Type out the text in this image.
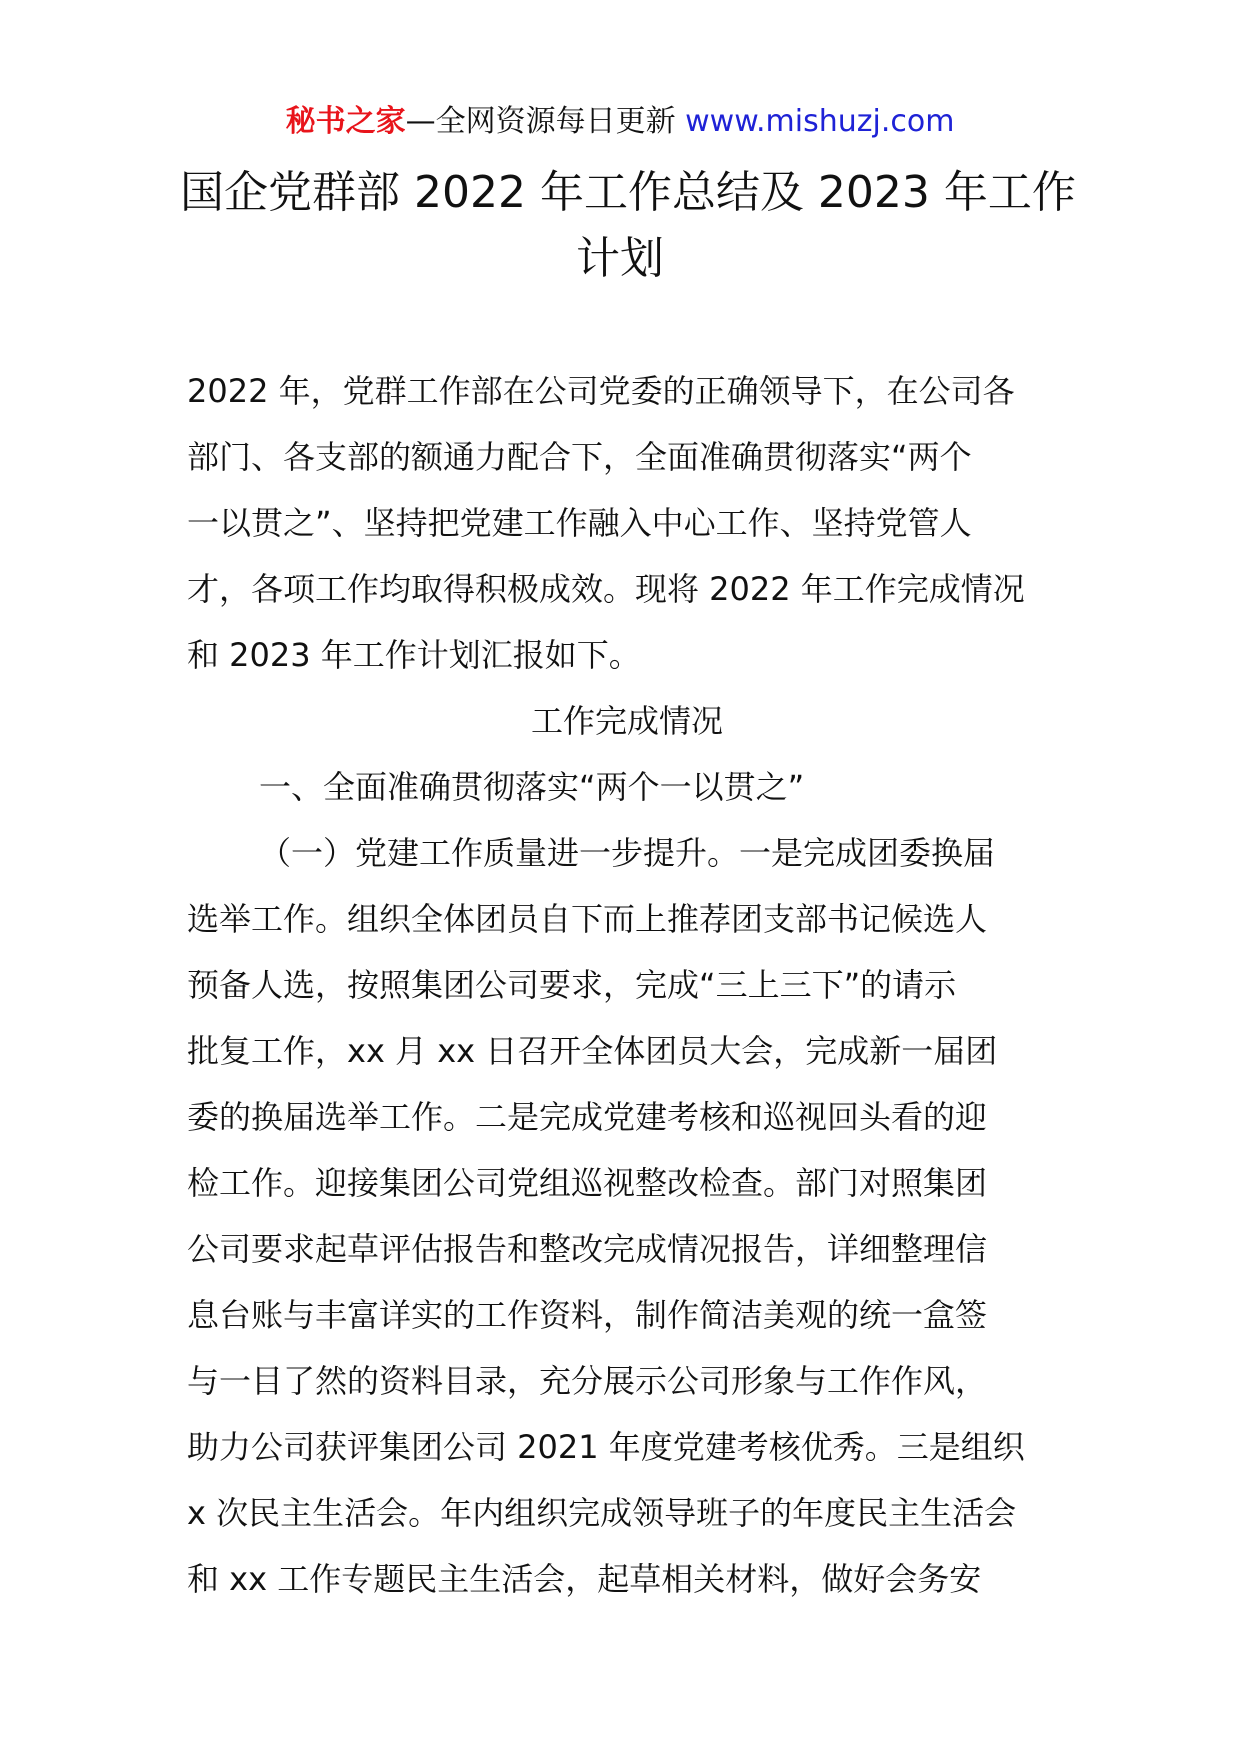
秘书之家—全网资源每日更新 www.mishuzj.com
国企党群部 2022 年工作总结及 2023 年工作
计划
2022 年，党群工作部在公司党委的正确领导下，在公司各
部门、各支部的额通力配合下，全面准确贯彻落实“两个
一以贯之”、坚持把党建工作融入中心工作、坚持党管人
才，各项工作均取得积极成效。现将 2022 年工作完成情况
和 2023 年工作计划汇报如下。
工作完成情况
一、全面准确贯彻落实“两个一以贯之”
（一）党建工作质量进一步提升。一是完成团委换届
选举工作。组织全体团员自下而上推荐团支部书记候选人
预备人选，按照集团公司要求，完成“三上三下”的请示
批复工作，xx 月 xx 日召开全体团员大会，完成新一届团
委的换届选举工作。二是完成党建考核和巡视回头看的迎
检工作。迎接集团公司党组巡视整改检查。部门对照集团
公司要求起草评估报告和整改完成情况报告，详细整理信
息台账与丰富详实的工作资料，制作简洁美观的统一盒签
与一目了然的资料目录，充分展示公司形象与工作作风，
助力公司获评集团公司 2021 年度党建考核优秀。三是组织
x 次民主生活会。年内组织完成领导班子的年度民主生活会
和 xx 工作专题民主生活会，起草相关材料，做好会务安
